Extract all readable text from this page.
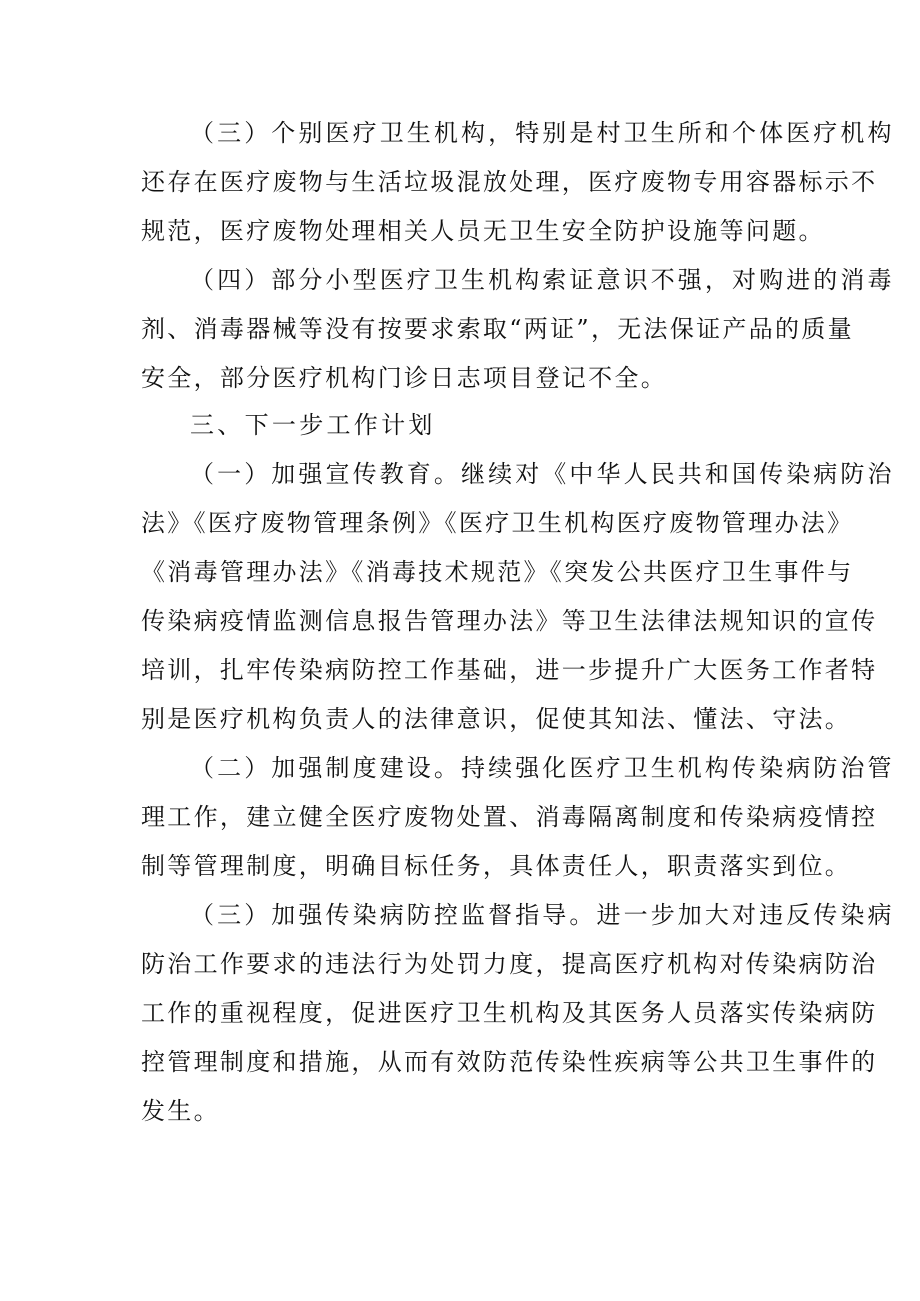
（三）个别医疗卫生机构，特别是村卫生所和个体医疗机构
还存在医疗废物与生活垃圾混放处理，医疗废物专用容器标示不
规范，医疗废物处理相关人员无卫生安全防护设施等问题。
（四）部分小型医疗卫生机构索证意识不强，对购进的消毒
剂、消毒器械等没有按要求索取“两证”，无法保证产品的质量
安全，部分医疗机构门诊日志项目登记不全。
三、下一步工作计划
（一）加强宣传教育。继续对《中华人民共和国传染病防治
法》《医疗废物管理条例》《医疗卫生机构医疗废物管理办法》
《消毒管理办法》《消毒技术规范》《突发公共医疗卫生事件与
传染病疫情监测信息报告管理办法》等卫生法律法规知识的宣传
培训，扎牢传染病防控工作基础，进一步提升广大医务工作者特
别是医疗机构负责人的法律意识，促使其知法、懂法、守法。
（二）加强制度建设。持续强化医疗卫生机构传染病防治管
理工作，建立健全医疗废物处置、消毒隔离制度和传染病疫情控
制等管理制度，明确目标任务，具体责任人，职责落实到位。
（三）加强传染病防控监督指导。进一步加大对违反传染病
防治工作要求的违法行为处罚力度，提高医疗机构对传染病防治
工作的重视程度，促进医疗卫生机构及其医务人员落实传染病防
控管理制度和措施，从而有效防范传染性疾病等公共卫生事件的
发生。
